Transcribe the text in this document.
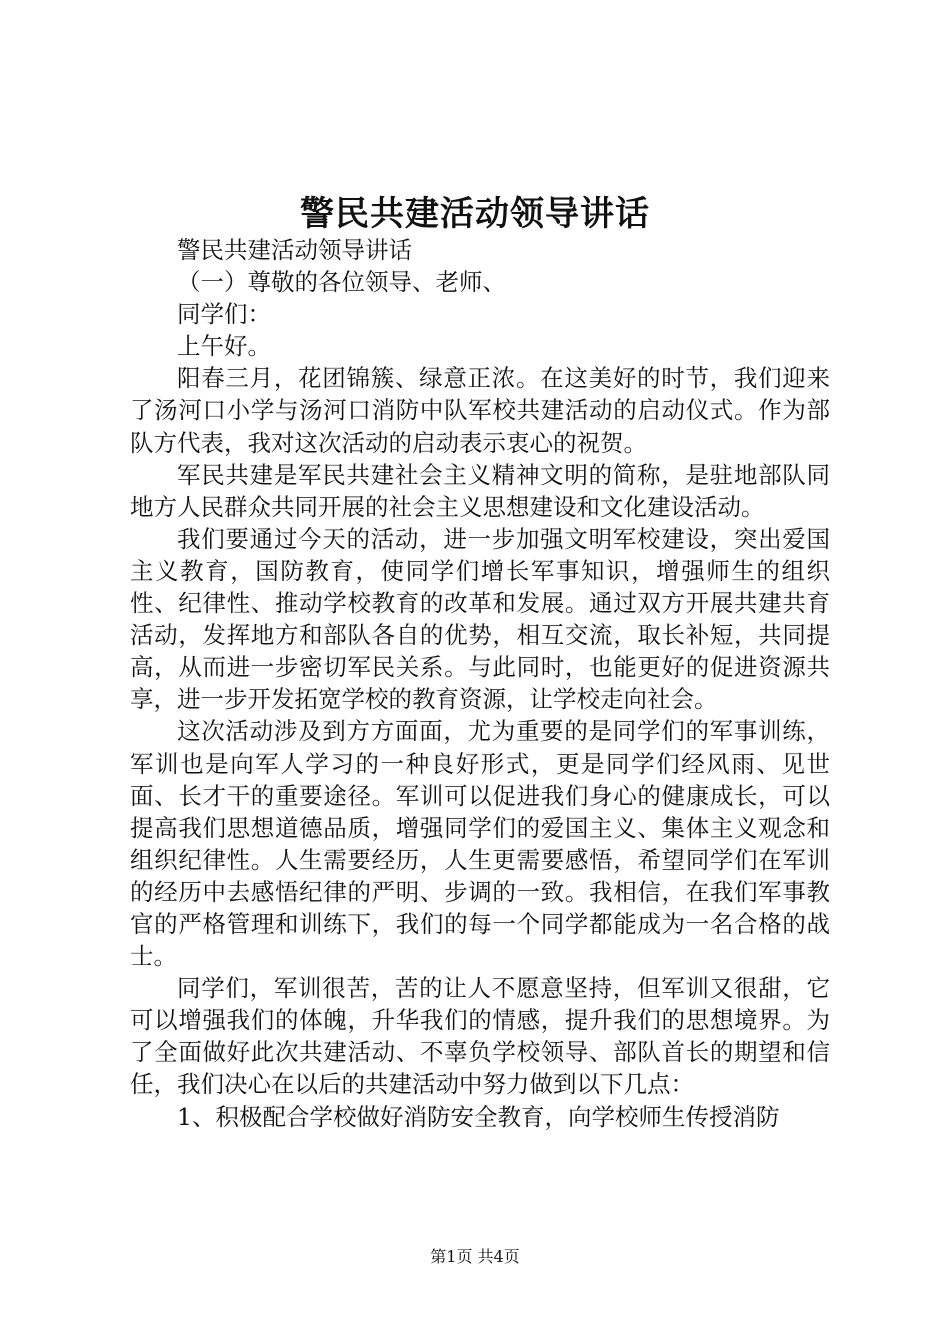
警民共建活动领导讲话

警民共建活动领导讲话

（一）尊敬的各位领导、老师、

同学们：

上午好。

阳春三月，花团锦簇、绿意正浓。在这美好的时节，我们迎来了汤河口小学与汤河口消防中队军校共建活动的启动仪式。作为部队方代表，我对这次活动的启动表示衷心的祝贺。

军民共建是军民共建社会主义精神文明的简称，是驻地部队同地方人民群众共同开展的社会主义思想建设和文化建设活动。

我们要通过今天的活动，进一步加强文明军校建设，突出爱国主义教育，国防教育，使同学们增长军事知识，增强师生的组织性、纪律性、推动学校教育的改革和发展。通过双方开展共建共育活动，发挥地方和部队各自的优势，相互交流，取长补短，共同提高，从而进一步密切军民关系。与此同时，也能更好的促进资源共享，进一步开发拓宽学校的教育资源，让学校走向社会。

这次活动涉及到方方面面，尤为重要的是同学们的军事训练，军训也是向军人学习的一种良好形式，更是同学们经风雨、见世面、长才干的重要途径。军训可以促进我们身心的健康成长，可以提高我们思想道德品质，增强同学们的爱国主义、集体主义观念和组织纪律性。人生需要经历，人生更需要感悟，希望同学们在军训的经历中去感悟纪律的严明、步调的一致。我相信，在我们军事教官的严格管理和训练下，我们的每一个同学都能成为一名合格的战士。

同学们，军训很苦，苦的让人不愿意坚持，但军训又很甜，它可以增强我们的体魄，升华我们的情感，提升我们的思想境界。为了全面做好此次共建活动、不辜负学校领导、部队首长的期望和信任，我们决心在以后的共建活动中努力做到以下几点：

1、积极配合学校做好消防安全教育，向学校师生传授消防

第1页 共4页
